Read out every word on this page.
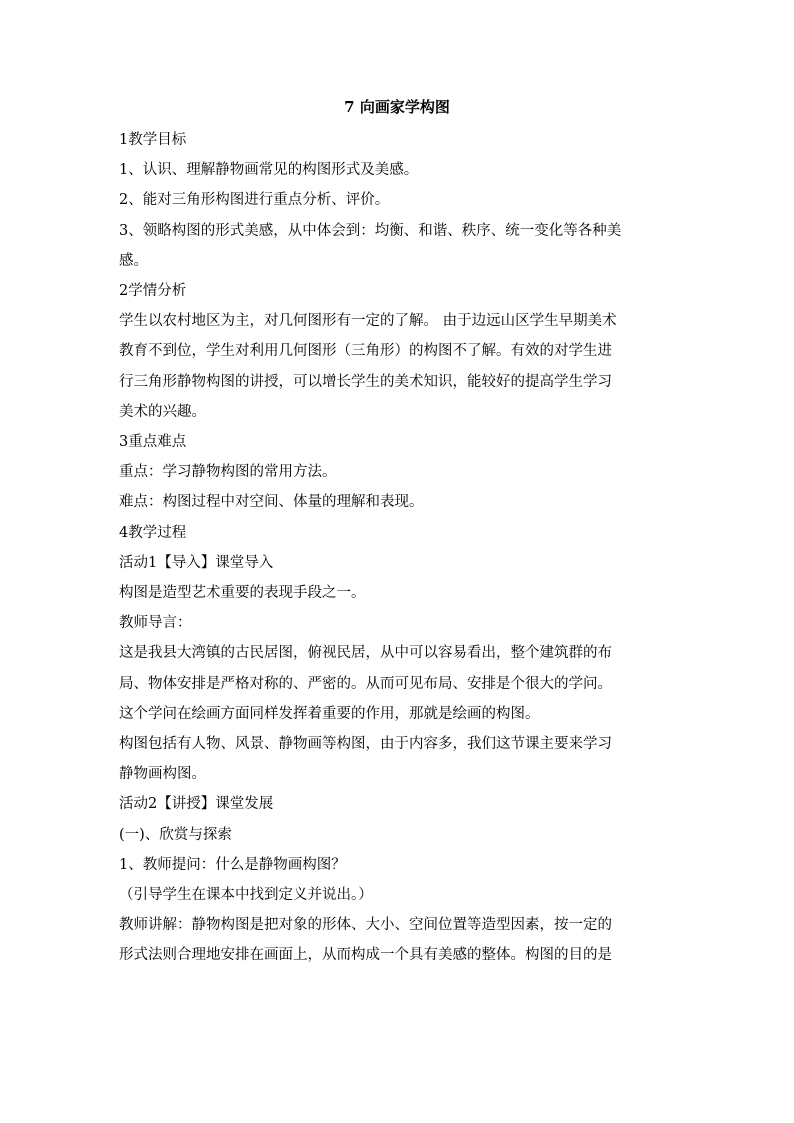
7 向画家学构图

1教学目标

1、认识、理解静物画常见的构图形式及美感。

2、能对三角形构图进行重点分析、评价。

3、领略构图的形式美感，从中体会到：均衡、和谐、秩序、统一变化等各种美

感。

2学情分析

学生以农村地区为主，对几何图形有一定的了解。 由于边远山区学生早期美术

教育不到位，学生对利用几何图形（三角形）的构图不了解。有效的对学生进

行三角形静物构图的讲授，可以增长学生的美术知识，能较好的提高学生学习

美术的兴趣。

3重点难点

重点：学习静物构图的常用方法。

难点：构图过程中对空间、体量的理解和表现。

4教学过程

活动1【导入】课堂导入

构图是造型艺术重要的表现手段之一。

教师导言：

这是我县大湾镇的古民居图，俯视民居，从中可以容易看出，整个建筑群的布

局、物体安排是严格对称的、严密的。从而可见布局、安排是个很大的学问。

这个学问在绘画方面同样发挥着重要的作用，那就是绘画的构图。

构图包括有人物、风景、静物画等构图，由于内容多，我们这节课主要来学习

静物画构图。

活动2【讲授】课堂发展

(一)、欣赏与探索

1、教师提问：什么是静物画构图？

（引导学生在课本中找到定义并说出。）

教师讲解：静物构图是把对象的形体、大小、空间位置等造型因素，按一定的

形式法则合理地安排在画面上，从而构成一个具有美感的整体。构图的目的是
